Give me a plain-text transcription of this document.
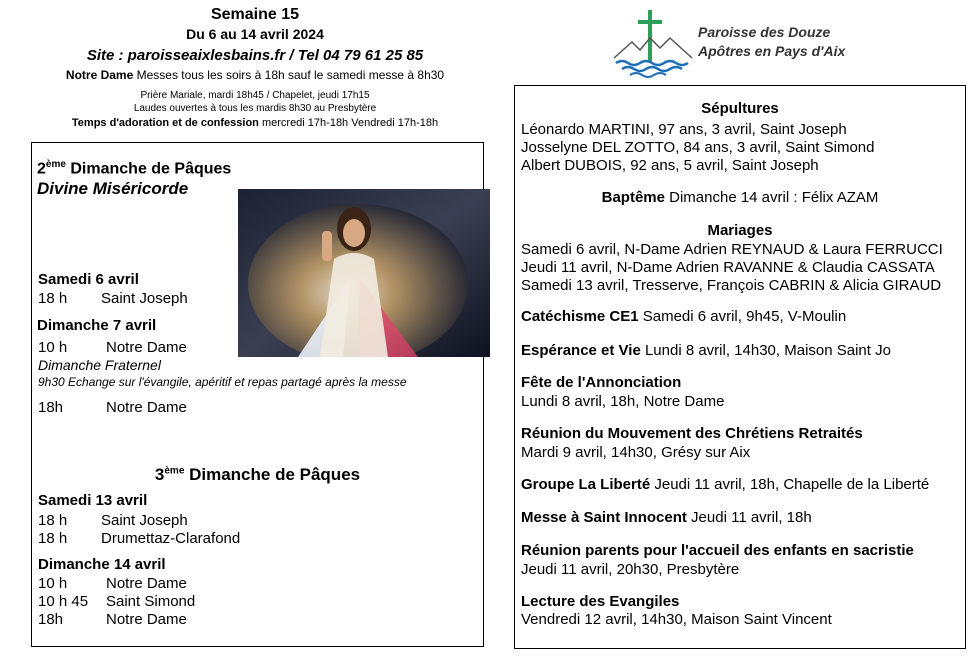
Semaine 15
Du 6 au 14 avril 2024
Site : paroisseaixlesbains.fr / Tel 04 79 61 25 85
Notre Dame Messes tous les soirs à 18h sauf le samedi messe à 8h30
Prière Mariale, mardi 18h45 / Chapelet, jeudi 17h15
Laudes ouvertes à tous les mardis 8h30 au Presbytère
Temps d'adoration et de confession mercredi 17h-18h Vendredi 17h-18h
Paroisse des Douze
Apôtres en Pays d'Aix
2ème Dimanche de Pâques
Divine Miséricorde
Samedi 6 avril
18 h Saint Joseph
Dimanche 7 avril
10 h	Notre Dame
Dimanche Fraternel
9h30 Echange sur l'évangile, apéritif et repas partagé après la messe
18h	Notre Dame
3ème Dimanche de Pâques
Samedi 13 avril
18 h Saint Joseph
18 h Drumettaz-Clarafond
Dimanche 14 avril
10 h	Notre Dame
10 h 45 Saint Simond
18h	Notre Dame
Sépultures
Léonardo MARTINI, 97 ans, 3 avril, Saint Joseph
Josselyne DEL ZOTTO, 84 ans, 3 avril, Saint Simond
Albert DUBOIS, 92 ans, 5 avril, Saint Joseph
Baptême Dimanche 14 avril : Félix AZAM
Mariages
Samedi 6 avril, N-Dame Adrien REYNAUD & Laura FERRUCCI
Jeudi 11 avril, N-Dame Adrien RAVANNE & Claudia CASSATA
Samedi 13 avril, Tresserve, François CABRIN & Alicia GIRAUD
Catéchisme CE1 Samedi 6 avril, 9h45, V-Moulin
Espérance et Vie Lundi 8 avril, 14h30, Maison Saint Jo
Fête de l'Annonciation
Lundi 8 avril, 18h, Notre Dame
Réunion du Mouvement des Chrétiens Retraités
Mardi 9 avril, 14h30, Grésy sur Aix
Groupe La Liberté Jeudi 11 avril, 18h, Chapelle de la Liberté
Messe à Saint Innocent Jeudi 11 avril, 18h
Réunion parents pour l'accueil des enfants en sacristie
Jeudi 11 avril, 20h30, Presbytère
Lecture des Evangiles
Vendredi 12 avril, 14h30, Maison Saint Vincent
